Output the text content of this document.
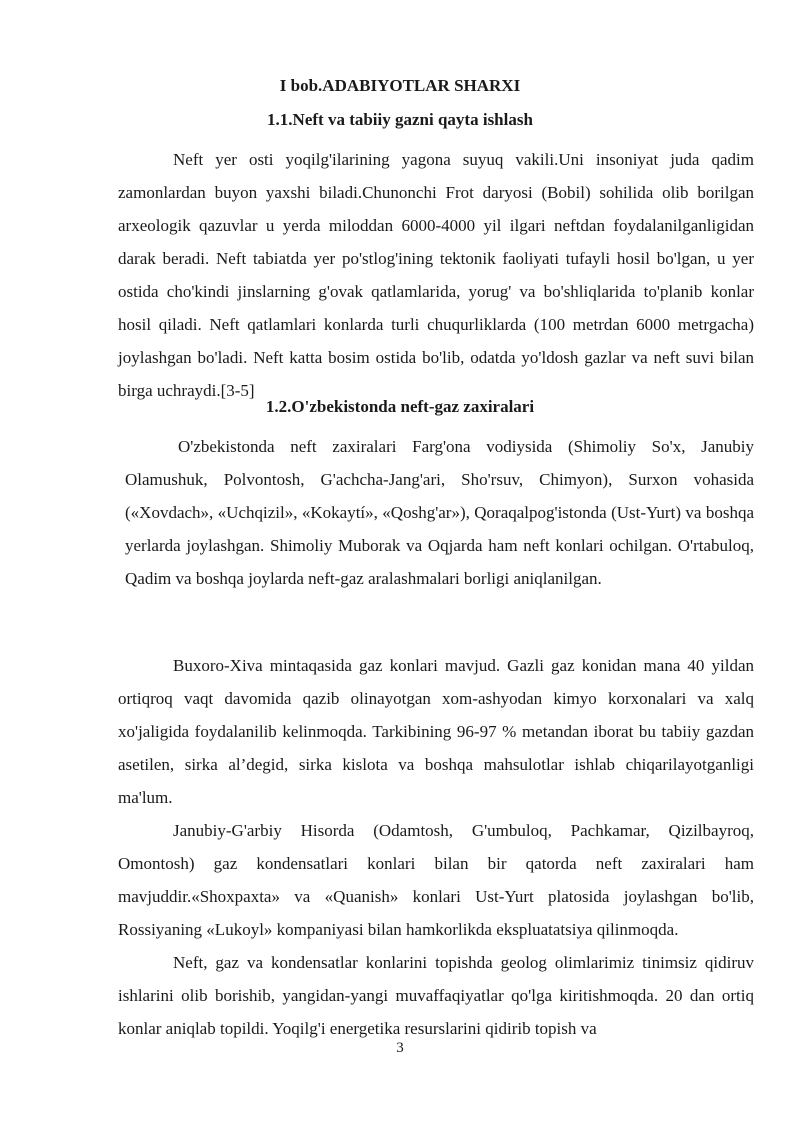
I bob.ADABIYOTLAR SHARXI
1.1.Neft va tabiiy gazni qayta ishlash

Neft yer osti yoqilg'ilarining yagona suyuq vakili.Uni insoniyat juda qadim zamonlardan buyon yaxshi biladi.Chunonchi Frot daryosi (Bobil) sohilida olib borilgan arxeologik qazuvlar u yerda miloddan 6000-4000 yil ilgari neftdan foydalanilganligidan darak beradi. Neft tabiatda yer po'stlog'ining tektonik faoliyati tufayli hosil bo'lgan, u yer ostida cho'kindi jinslarning g'ovak qatlamlarida, yorug' va bo'shliqlarida to'planib konlar hosil qiladi. Neft qatlamlari konlarda turli chuqurliklarda (100 metrdan 6000 metrgacha) joylashgan bo'ladi. Neft katta bosim ostida bo'lib, odatda yo'ldosh gazlar va neft suvi bilan birga uchraydi.[3-5]

1.2.O'zbekistonda neft-gaz zaxiralari

O'zbekistonda neft zaxiralari Farg'ona vodiysida (Shimoliy So'x, Janubiy Olamushuk, Polvontosh, G'achcha-Jang'ari, Sho'rsuv, Chimyon), Surxon vohasida («Xovdach», «Uchqizil», «Kokaytí», «Qoshg'ar»), Qoraqalpog'istonda (Ust-Yurt) va boshqa yerlarda joylashgan. Shimoliy Muborak va Oqjarda ham neft konlari ochilgan. O'rtabuloq, Qadim va boshqa joylarda neft-gaz aralashmalari borligi aniqlanilgan.

Buxoro-Xiva mintaqasida gaz konlari mavjud. Gazli gaz konidan mana 40 yildan ortiqroq vaqt davomida qazib olinayotgan xom-ashyodan kimyo korxonalari va xalq xo'jaligida foydalanilib kelinmoqda. Tarkibining 96-97 % metandan iborat bu tabiiy gazdan asetilen, sirka al’degid, sirka kislota va boshqa mahsulotlar ishlab chiqarilayotganligi ma'lum.

Janubiy-G'arbiy Hisorda (Odamtosh, G'umbuloq, Pachkamar, Qizilbayroq, Omontosh) gaz kondensatlari konlari bilan bir qatorda neft zaxiralari ham mavjuddir.«Shoxpaxta» va «Quanish» konlari Ust-Yurt platosida joylashgan bo'lib, Rossiyaning «Lukoyl» kompaniyasi bilan hamkorlikda ekspluatatsiya qilinmoqda.

Neft, gaz va kondensatlar konlarini topishda geolog olimlarimiz tinimsiz qidiruv ishlarini olib borishib, yangidan-yangi muvaffaqiyatlar qo'lga kiritishmoqda. 20 dan ortiq konlar aniqlab topildi. Yoqilg'i energetika resurslarini qidirib topish va

3
